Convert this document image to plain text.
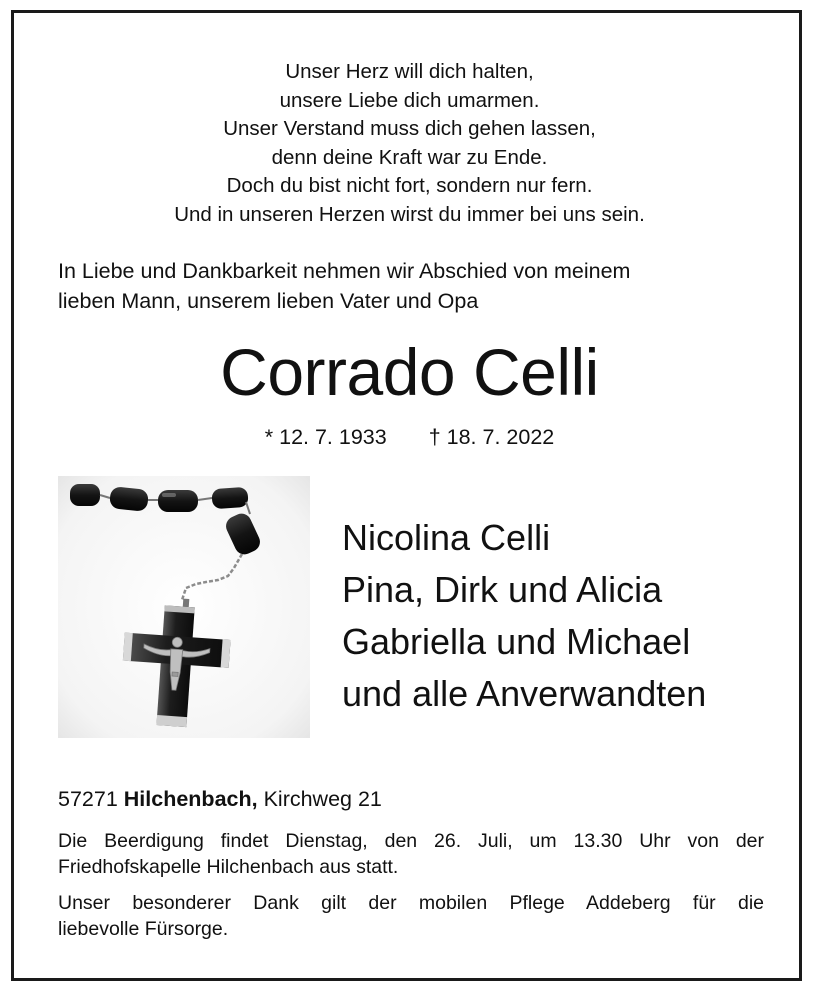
Unser Herz will dich halten,
unsere Liebe dich umarmen.
Unser Verstand muss dich gehen lassen,
denn deine Kraft war zu Ende.
Doch du bist nicht fort, sondern nur fern.
Und in unseren Herzen wirst du immer bei uns sein.
In Liebe und Dankbarkeit nehmen wir Abschied von meinem
lieben Mann, unserem lieben Vater und Opa
Corrado Celli
* 12. 7. 1933 † 18. 7. 2022
Nicolina Celli
Pina, Dirk und Alicia
Gabriella und Michael
und alle Anverwandten
57271 Hilchenbach, Kirchweg 21
Die Beerdigung findet Dienstag, den 26. Juli, um 13.30 Uhr von der
Friedhofskapelle Hilchenbach aus statt.
Unser besonderer Dank gilt der mobilen Pflege Addeberg für die
liebevolle Fürsorge.
